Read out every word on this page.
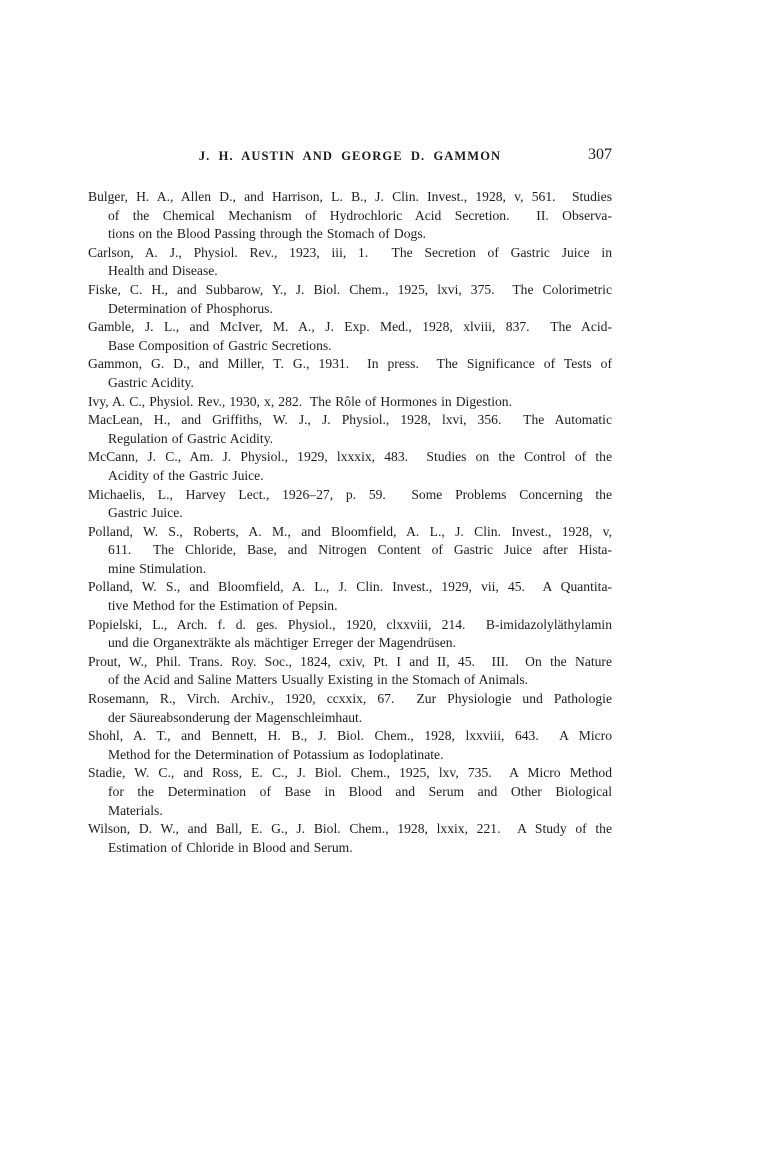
J. H. AUSTIN AND GEORGE D. GAMMON	307
Bulger, H. A., Allen D., and Harrison, L. B., J. Clin. Invest., 1928, v, 561.  Studies
of the Chemical Mechanism of Hydrochloric Acid Secretion.  II. Observa-
tions on the Blood Passing through the Stomach of Dogs.
Carlson, A. J., Physiol. Rev., 1923, iii, 1.  The Secretion of Gastric Juice in
Health and Disease.
Fiske, C. H., and Subbarow, Y., J. Biol. Chem., 1925, lxvi, 375.  The Colorimetric
Determination of Phosphorus.
Gamble, J. L., and McIver, M. A., J. Exp. Med., 1928, xlviii, 837.  The Acid-
Base Composition of Gastric Secretions.
Gammon, G. D., and Miller, T. G., 1931.  In press.  The Significance of Tests of
Gastric Acidity.
Ivy, A. C., Physiol. Rev., 1930, x, 282.  The Rôle of Hormones in Digestion.
MacLean, H., and Griffiths, W. J., J. Physiol., 1928, lxvi, 356.  The Automatic
Regulation of Gastric Acidity.
McCann, J. C., Am. J. Physiol., 1929, lxxxix, 483.  Studies on the Control of the
Acidity of the Gastric Juice.
Michaelis, L., Harvey Lect., 1926–27, p. 59.  Some Problems Concerning the
Gastric Juice.
Polland, W. S., Roberts, A. M., and Bloomfield, A. L., J. Clin. Invest., 1928, v,
611.  The Chloride, Base, and Nitrogen Content of Gastric Juice after Hista-
mine Stimulation.
Polland, W. S., and Bloomfield, A. L., J. Clin. Invest., 1929, vii, 45.  A Quantita-
tive Method for the Estimation of Pepsin.
Popielski, L., Arch. f. d. ges. Physiol., 1920, clxxviii, 214.  B-imidazolyläthylamin
und die Organexträkte als mächtiger Erreger der Magendrüsen.
Prout, W., Phil. Trans. Roy. Soc., 1824, cxiv, Pt. I and II, 45.  III.  On the Nature
of the Acid and Saline Matters Usually Existing in the Stomach of Animals.
Rosemann, R., Virch. Archiv., 1920, ccxxix, 67.  Zur Physiologie und Pathologie
der Säureabsonderung der Magenschleimhaut.
Shohl, A. T., and Bennett, H. B., J. Biol. Chem., 1928, lxxviii, 643.  A Micro
Method for the Determination of Potassium as Iodoplatinate.
Stadie, W. C., and Ross, E. C., J. Biol. Chem., 1925, lxv, 735.  A Micro Method
for the Determination of Base in Blood and Serum and Other Biological
Materials.
Wilson, D. W., and Ball, E. G., J. Biol. Chem., 1928, lxxix, 221.  A Study of the
Estimation of Chloride in Blood and Serum.
